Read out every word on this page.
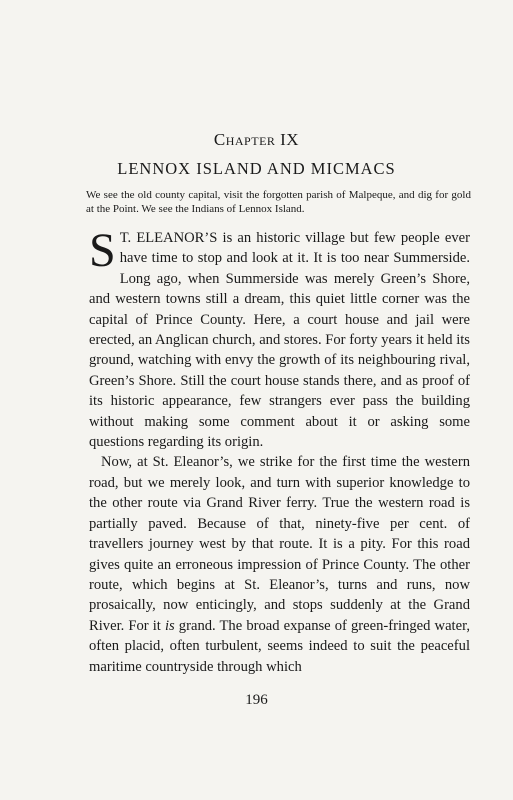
Chapter IX
LENNOX ISLAND AND MICMACS
We see the old county capital, visit the forgotten parish of Malpeque, and dig for gold at the Point. We see the Indians of Lennox Island.

S T. ELEANOR’S is an historic village but few people ever have time to stop and look at it. It is too near Summerside. Long ago, when Summerside was merely Green’s Shore, and western towns still a dream, this quiet little corner was the capital of Prince County. Here, a court house and jail were erected, an Anglican church, and stores. For forty years it held its ground, watching with envy the growth of its neighbouring rival, Green’s Shore. Still the court house stands there, and as proof of its historic appearance, few strangers ever pass the building without making some comment about it or asking some questions regarding its origin.

Now, at St. Eleanor’s, we strike for the first time the western road, but we merely look, and turn with superior knowledge to the other route via Grand River ferry. True the western road is partially paved. Because of that, ninety-five per cent. of travellers journey west by that route. It is a pity. For this road gives quite an erroneous impression of Prince County. The other route, which begins at St. Eleanor’s, turns and runs, now prosaically, now enticingly, and stops suddenly at the Grand River. For it is grand. The broad expanse of green-fringed water, often placid, often turbulent, seems indeed to suit the peaceful maritime countryside through which

196
